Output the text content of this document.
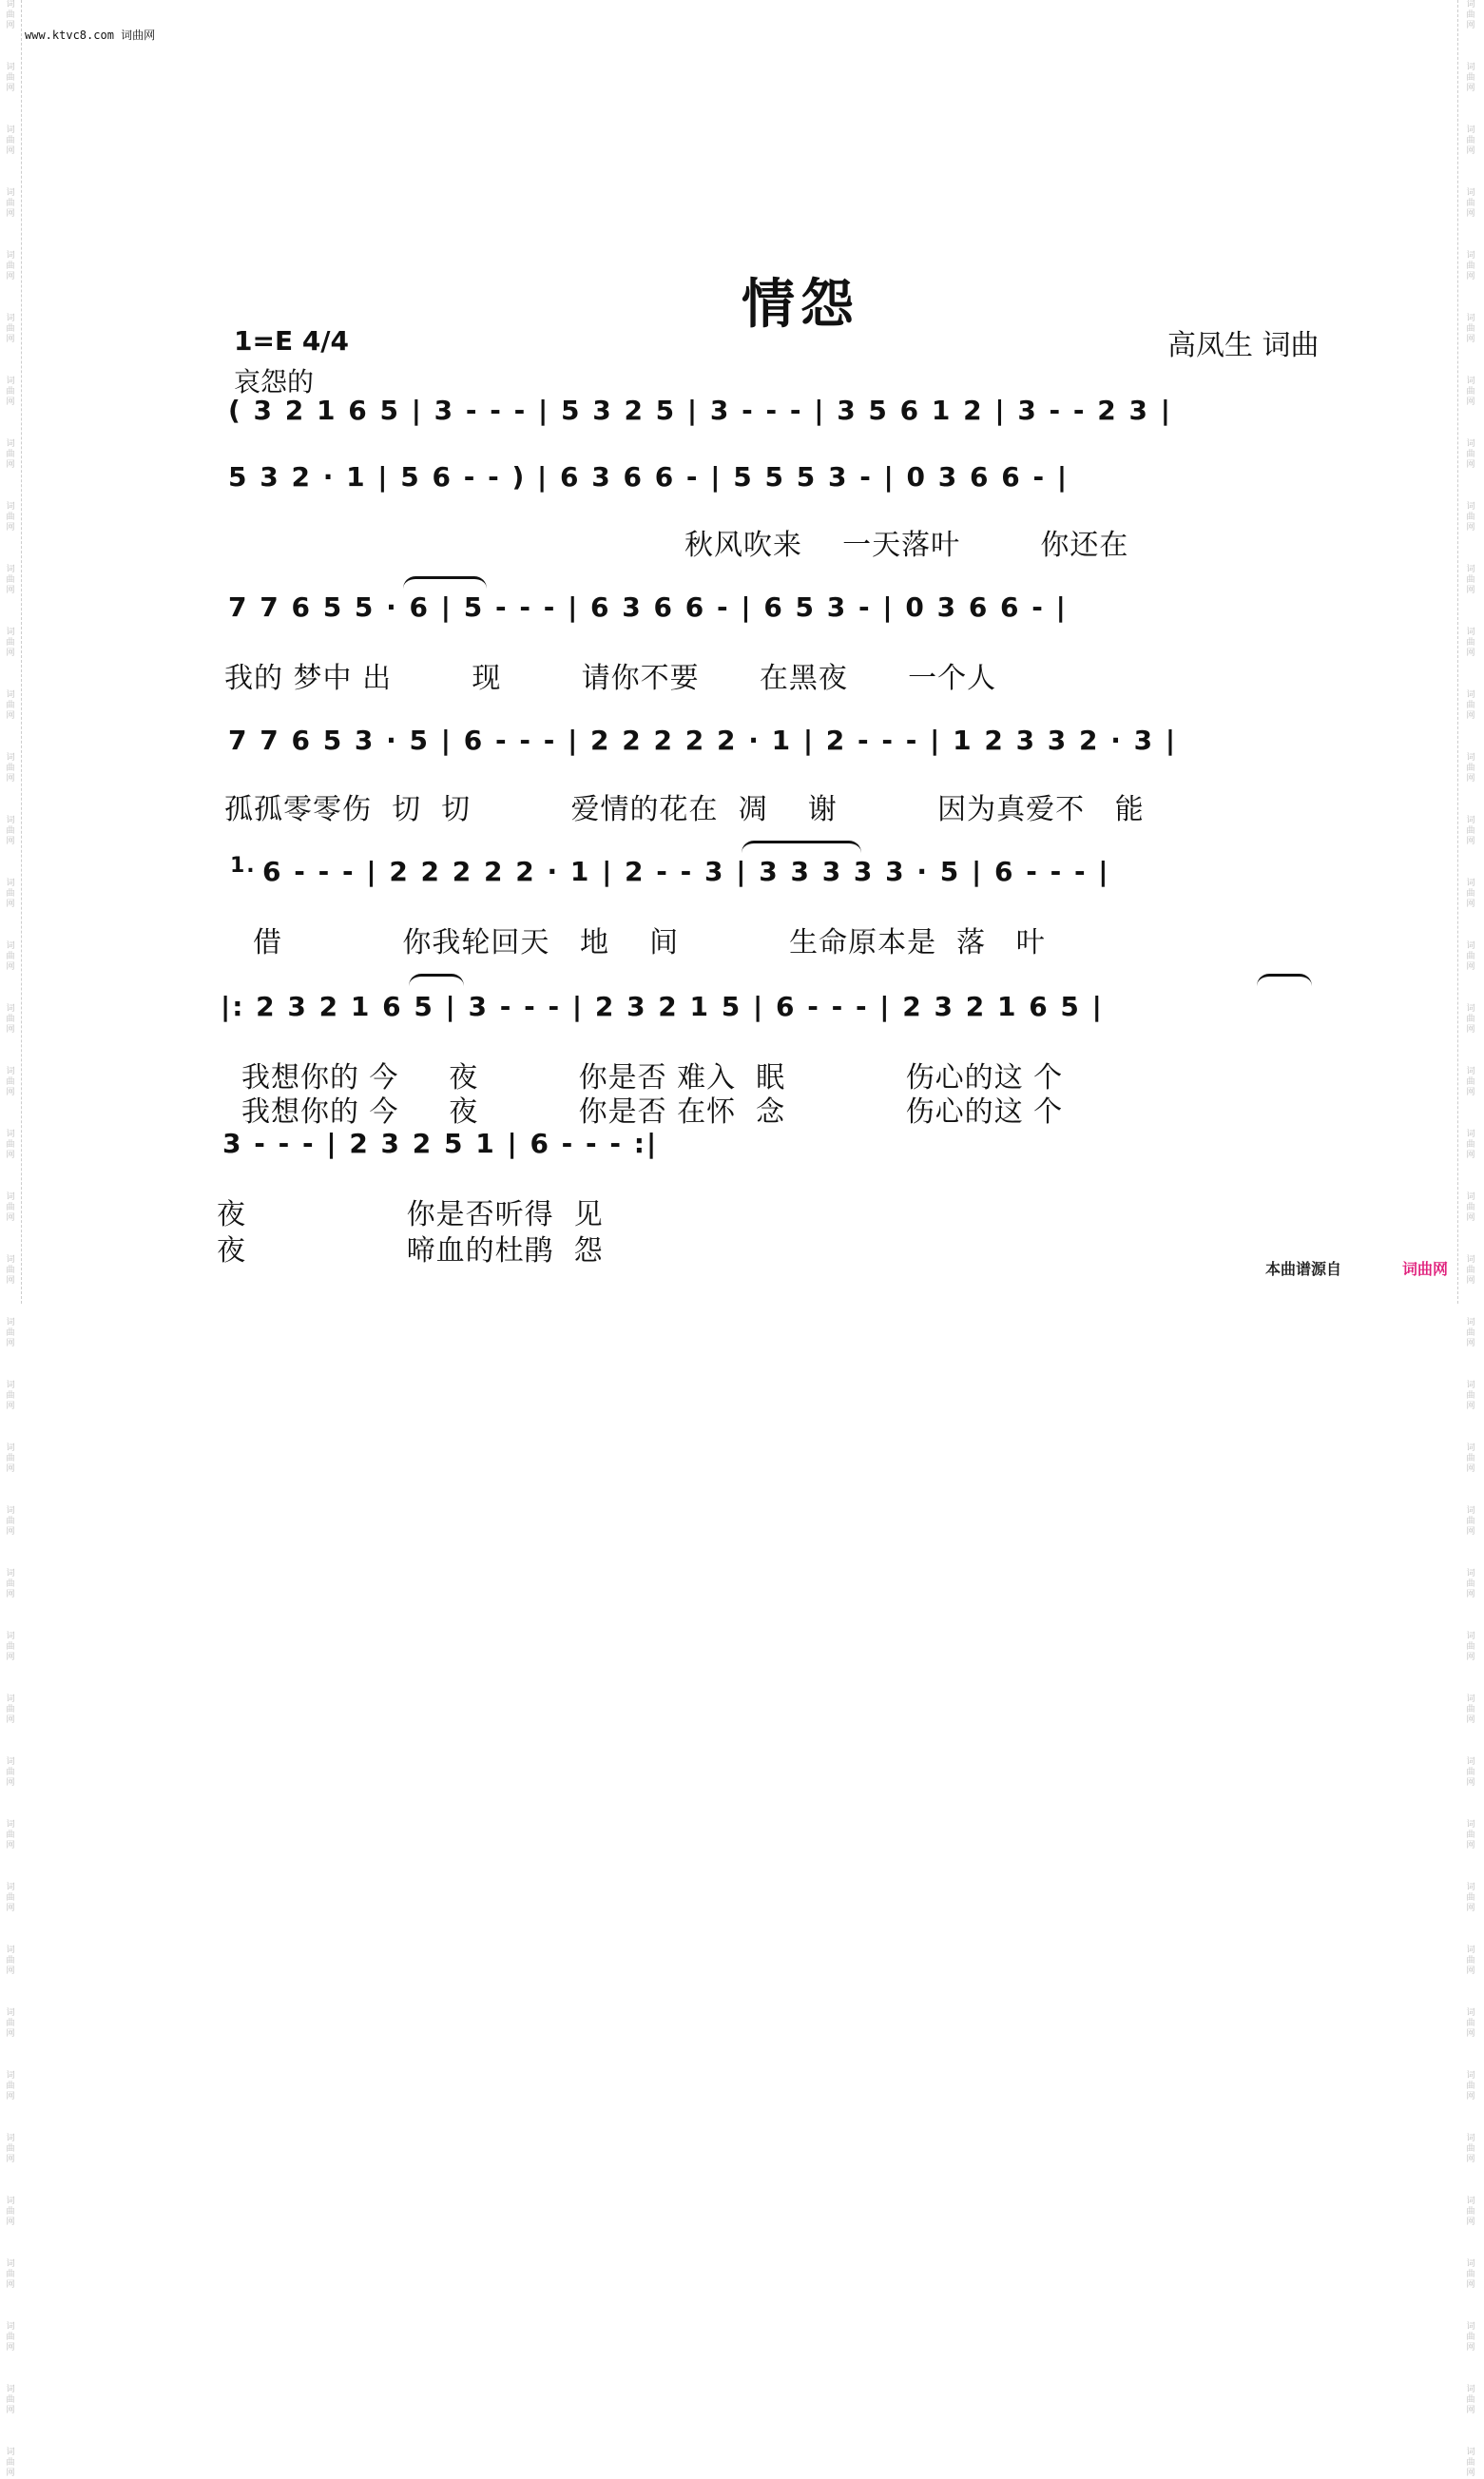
词
曲
网

词
曲
网

词
曲
网

词
曲
网

词
曲
网

词
曲
网

词
曲
网

词
曲
网

词
曲
网

词
曲
网

词
曲
网

词
曲
网

词
曲
网

词
曲
网

词
曲
网

词
曲
网

词
曲
网

词
曲
网

词
曲
网

词
曲
网

词
曲
网

词
曲
网

词
曲
网

词
曲
网

词
曲
网

词
曲
网

词
曲
网

词
曲
网

词
曲
网

词
曲
网

词
曲
网

词
曲
网

词
曲
网

词
曲
网

词
曲
网

词
曲
网

词
曲
网

词
曲
网

词
曲
网

词
曲
网

词
曲
网

词
曲
网

词
曲
网

词
曲
网

词
曲
网

词
曲
网

词
曲
网

词
曲
网

词
曲
网

词
曲
网

词
曲
网

词
曲
网

词
曲
网

词
曲
网

词
曲
网

词
曲
网

词
曲
网

词
曲
网

词
曲
网

词
曲
网

词
曲
网

词
曲
网

词
曲
网

词
曲
网

词
曲
网

词
曲
网

词
曲
网

词
曲
网

词
曲
网

词
曲
网

词
曲
网

词
曲
网

词
曲
网

词
曲
网

词
曲
网

词
曲
网

词
曲
网

词
曲
网

词
曲
网

词
曲
网

www.ktvc8.com 词曲网
情怨
1=E 4/4
哀怨的
高凤生 词曲
( 3 2 1 6 5 | 3 - - - | 5 3 2 5 | 3 - - - | 3 5 6 1 2 | 3 - - 2 3 |
5 3 2 · 1 | 5 6 - - ) | 6 3 6 6 - | 5 5 5 3 - | 0 3 6 6 - |
秋风吹来    一天落叶        你还在
7 7 6 5 5 · 6 | 5 - - - | 6 3 6 6 - | 6 5 3 - | 0 3 6 6 - |
我的 梦中 出        现        请你不要      在黑夜      一个人
7 7 6 5 3 · 5 | 6 - - - | 2 2 2 2 2 · 1 | 2 - - - | 1 2 3 3 2 · 3 |
孤孤零零伤  切  切          爱情的花在  凋    谢          因为真爱不   能
1. 6 - - - | 2 2 2 2 2 · 1 | 2 - - 3 | 3 3 3 3 3 · 5 | 6 - - - |
借            你我轮回天   地    间           生命原本是  落   叶
|: 2 3 2 1 6 5 | 3 - - - | 2 3 2 1 5 | 6 - - - | 2 3 2 1 6 5 |
我想你的 今     夜          你是否 难入  眠            伤心的这 个
我想你的 今     夜          你是否 在怀  念            伤心的这 个
3 - - - | 2 3 2 5 1 | 6 - - - :|
夜                你是否听得  见
夜                啼血的杜鹃  怨
本曲谱源自	词曲网
